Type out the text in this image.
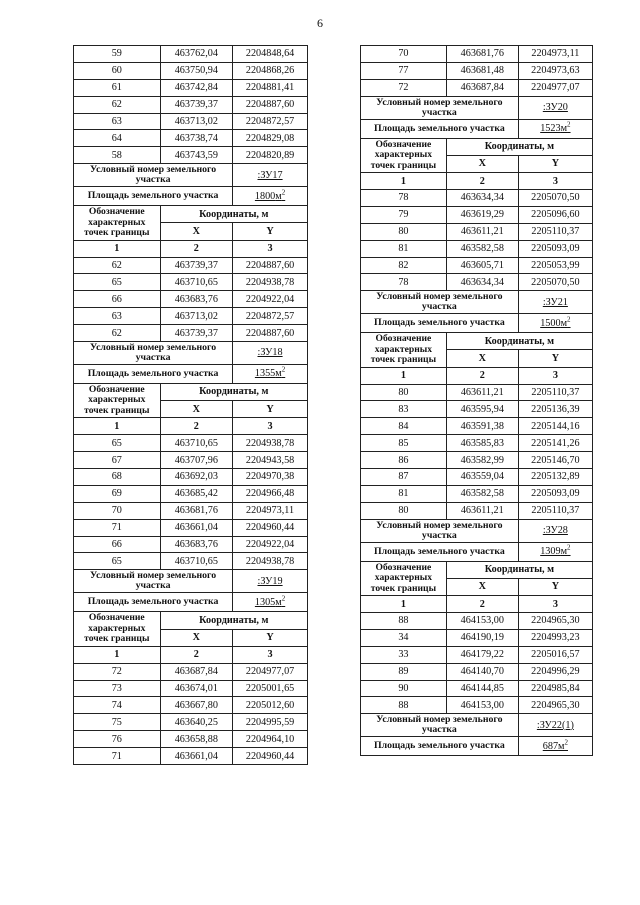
6
59	463762,04	2204848,64
60	463750,94	2204868,26
61	463742,84	2204881,41
62	463739,37	2204887,60
63	463713,02	2204872,57
64	463738,74	2204829,08
58	463743,59	2204820,89
Условный номер земельного участка		:ЗУ17
Площадь земельного участка		$1800м^2$
Обозначение характерных точек границы	Координаты, м	
	X	Y
1	2	3
62	463739,37	2204887,60
65	463710,65	2204938,78
66	463683,76	2204922,04
63	463713,02	2204872,57
62	463739,37	2204887,60
Условный номер земельного участка		:ЗУ18
Площадь земельного участка		$1355м^2$
Обозначение характерных точек границы	Координаты, м	
	X	Y
1	2	3
65	463710,65	2204938,78
67	463707,96	2204943,58
68	463692,03	2204970,38
69	463685,42	2204966,48
70	463681,76	2204973,11
71	463661,04	2204960,44
66	463683,76	2204922,04
65	463710,65	2204938,78
Условный номер земельного участка		:ЗУ19
Площадь земельного участка		$1305м^2$
Обозначение характерных точек границы	Координаты, м	
	X	Y
1	2	3
72	463687,84	2204977,07
73	463674,01	2205001,65
74	463667,80	2205012,60
75	463640,25	2204995,59
76	463658,88	2204964,10
71	463661,04	2204960,44
70	463681,76	2204973,11
77	463681,48	2204973,63
72	463687,84	2204977,07
Условный номер земельного участка		:ЗУ20
Площадь земельного участка		$1523м^2$
Обозначение характерных точек границы	Координаты, м	
	X	Y
1	2	3
78	463634,34	2205070,50
79	463619,29	2205096,60
80	463611,21	2205110,37
81	463582,58	2205093,09
82	463605,71	2205053,99
78	463634,34	2205070,50
Условный номер земельного участка		:ЗУ21
Площадь земельного участка		$1500м^2$
Обозначение характерных точек границы	Координаты, м	
	X	Y
1	2	3
80	463611,21	2205110,37
83	463595,94	2205136,39
84	463591,38	2205144,16
85	463585,83	2205141,26
86	463582,99	2205146,70
87	463559,04	2205132,89
81	463582,58	2205093,09
80	463611,21	2205110,37
Условный номер земельного участка		:ЗУ28
Площадь земельного участка		$1309м^2$
Обозначение характерных точек границы	Координаты, м	
	X	Y
1	2	3
88	464153,00	2204965,30
34	464190,19	2204993,23
33	464179,22	2205016,57
89	464140,70	2204996,29
90	464144,85	2204985,84
88	464153,00	2204965,30
Условный номер земельного участка		:ЗУ22(1)
Площадь земельного участка		$687м^2$
